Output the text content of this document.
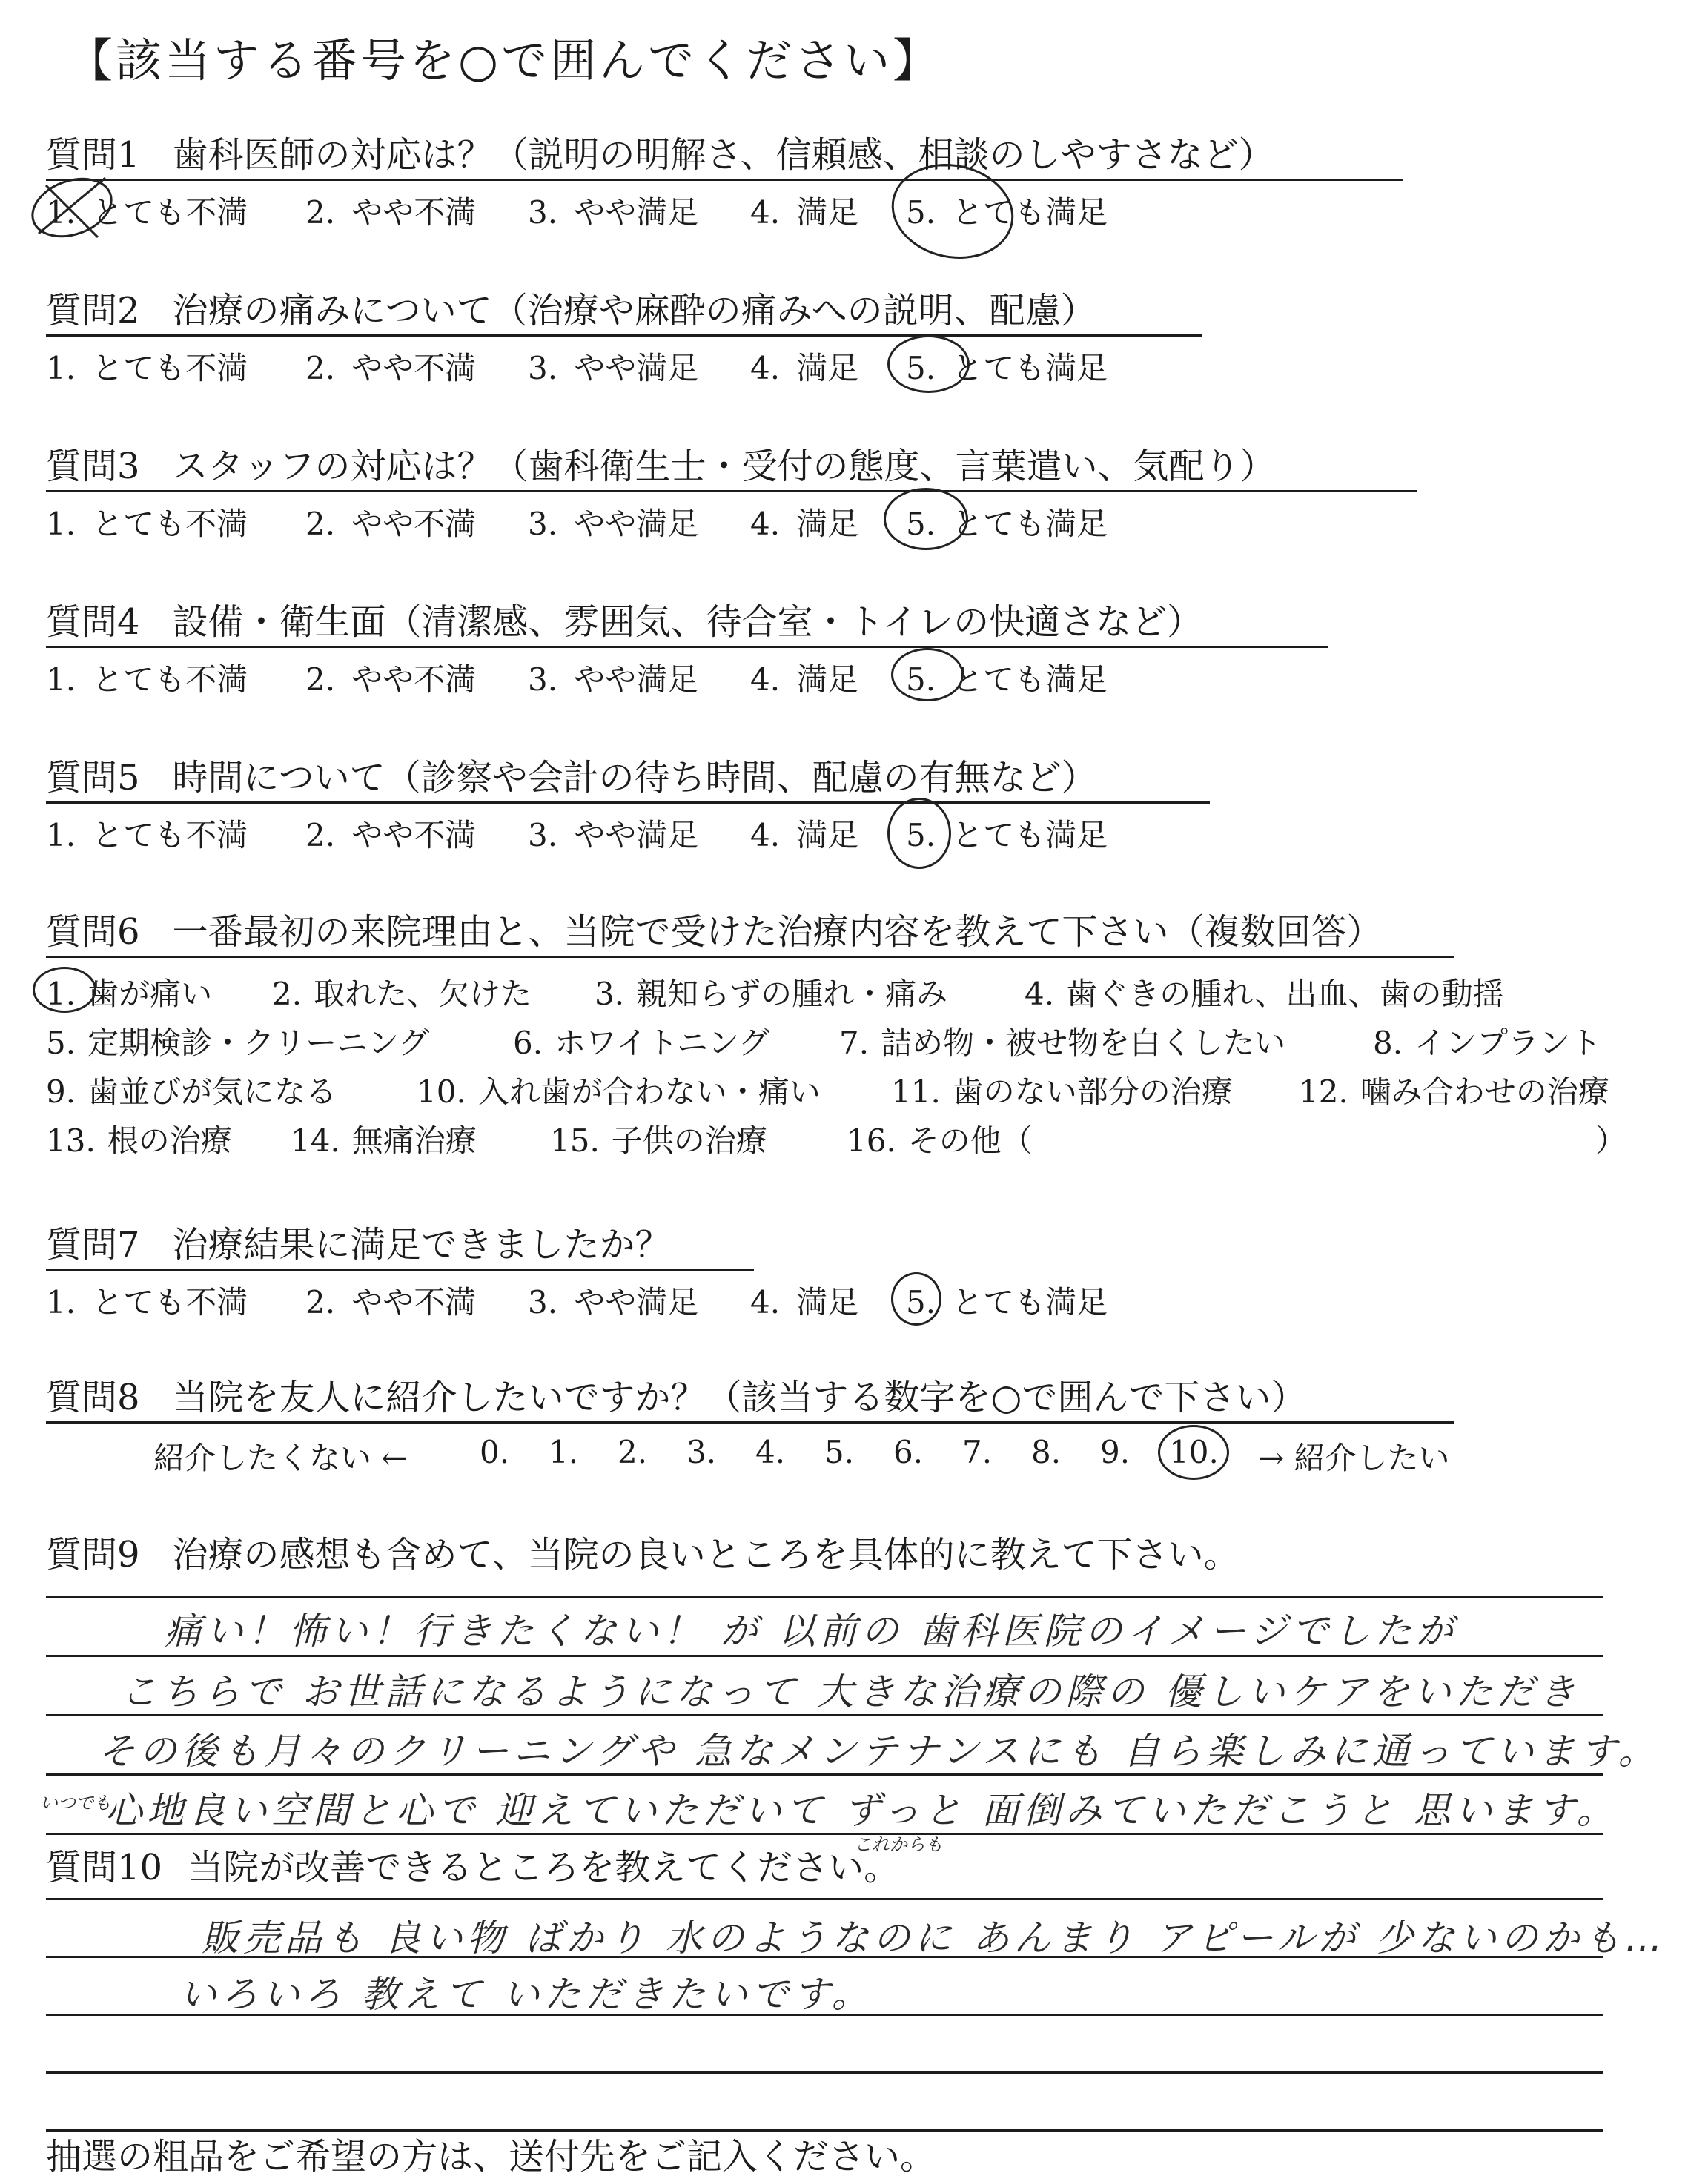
【該当する番号を○で囲んでください】
質問1 歯科医師の対応は？（説明の明解さ、信頼感、相談のしやすさなど）
1. とても不満 2. やや不満 3. やや満足 4. 満足 5. とても満足
質問2 治療の痛みについて（治療や麻酔の痛みへの説明、配慮）
1. とても不満 2. やや不満 3. やや満足 4. 満足 5. とても満足
質問3 スタッフの対応は？（歯科衛生士・受付の態度、言葉遣い、気配り）
1. とても不満 2. やや不満 3. やや満足 4. 満足 5. とても満足
質問4 設備・衛生面（清潔感、雰囲気、待合室・トイレの快適さなど）
1. とても不満 2. やや不満 3. やや満足 4. 満足 5. とても満足
質問5 時間について（診察や会計の待ち時間、配慮の有無など）
1. とても不満 2. やや不満 3. やや満足 4. 満足 5. とても満足
質問6 一番最初の来院理由と、当院で受けた治療内容を教えて下さい（複数回答）
1. 歯が痛い 2. 取れた、欠けた 3. 親知らずの腫れ・痛み 4. 歯ぐきの腫れ、出血、歯の動揺
5. 定期検診・クリーニング	6. ホワイトニング 7. 詰め物・被せ物を白くしたい	8. インプラント
9. 歯並びが気になる	10. 入れ歯が合わない・痛い 11. 歯のない部分の治療 12. 噛み合わせの治療
13. 根の治療 14. 無痛治療 15. 子供の治療	16. その他（	）
質問7 治療結果に満足できましたか？
1. とても不満 2. やや不満 3. やや満足 4. 満足 5. とても満足
質問8 当院を友人に紹介したいですか？（該当する数字を○で囲んで下さい）
紹介したくない ← 0. 1. 2. 3. 4. 5. 6. 7. 8. 9. 10. → 紹介したい
質問9 治療の感想も含めて、当院の良いところを具体的に教えて下さい。
痛い！怖い！行きたくない！ が 以前の 歯科医院のイメージでしたが
こちらで お世話になるようになって 大きな治療の際の 優しいケアをいただき
その後も月々のクリーニングや 急なメンテナンスにも 自ら楽しみに通っています。
心地良い空間と心で 迎えていただいて ずっと 面倒みていただこうと 思います。
いつでも
これからも
質問10 当院が改善できるところを教えてください。
販売品も 良い物 ばかり 水のようなのに あんまり アピールが 少ないのかも…
いろいろ 教えて いただきたいです。
抽選の粗品をご希望の方は、送付先をご記入ください。
